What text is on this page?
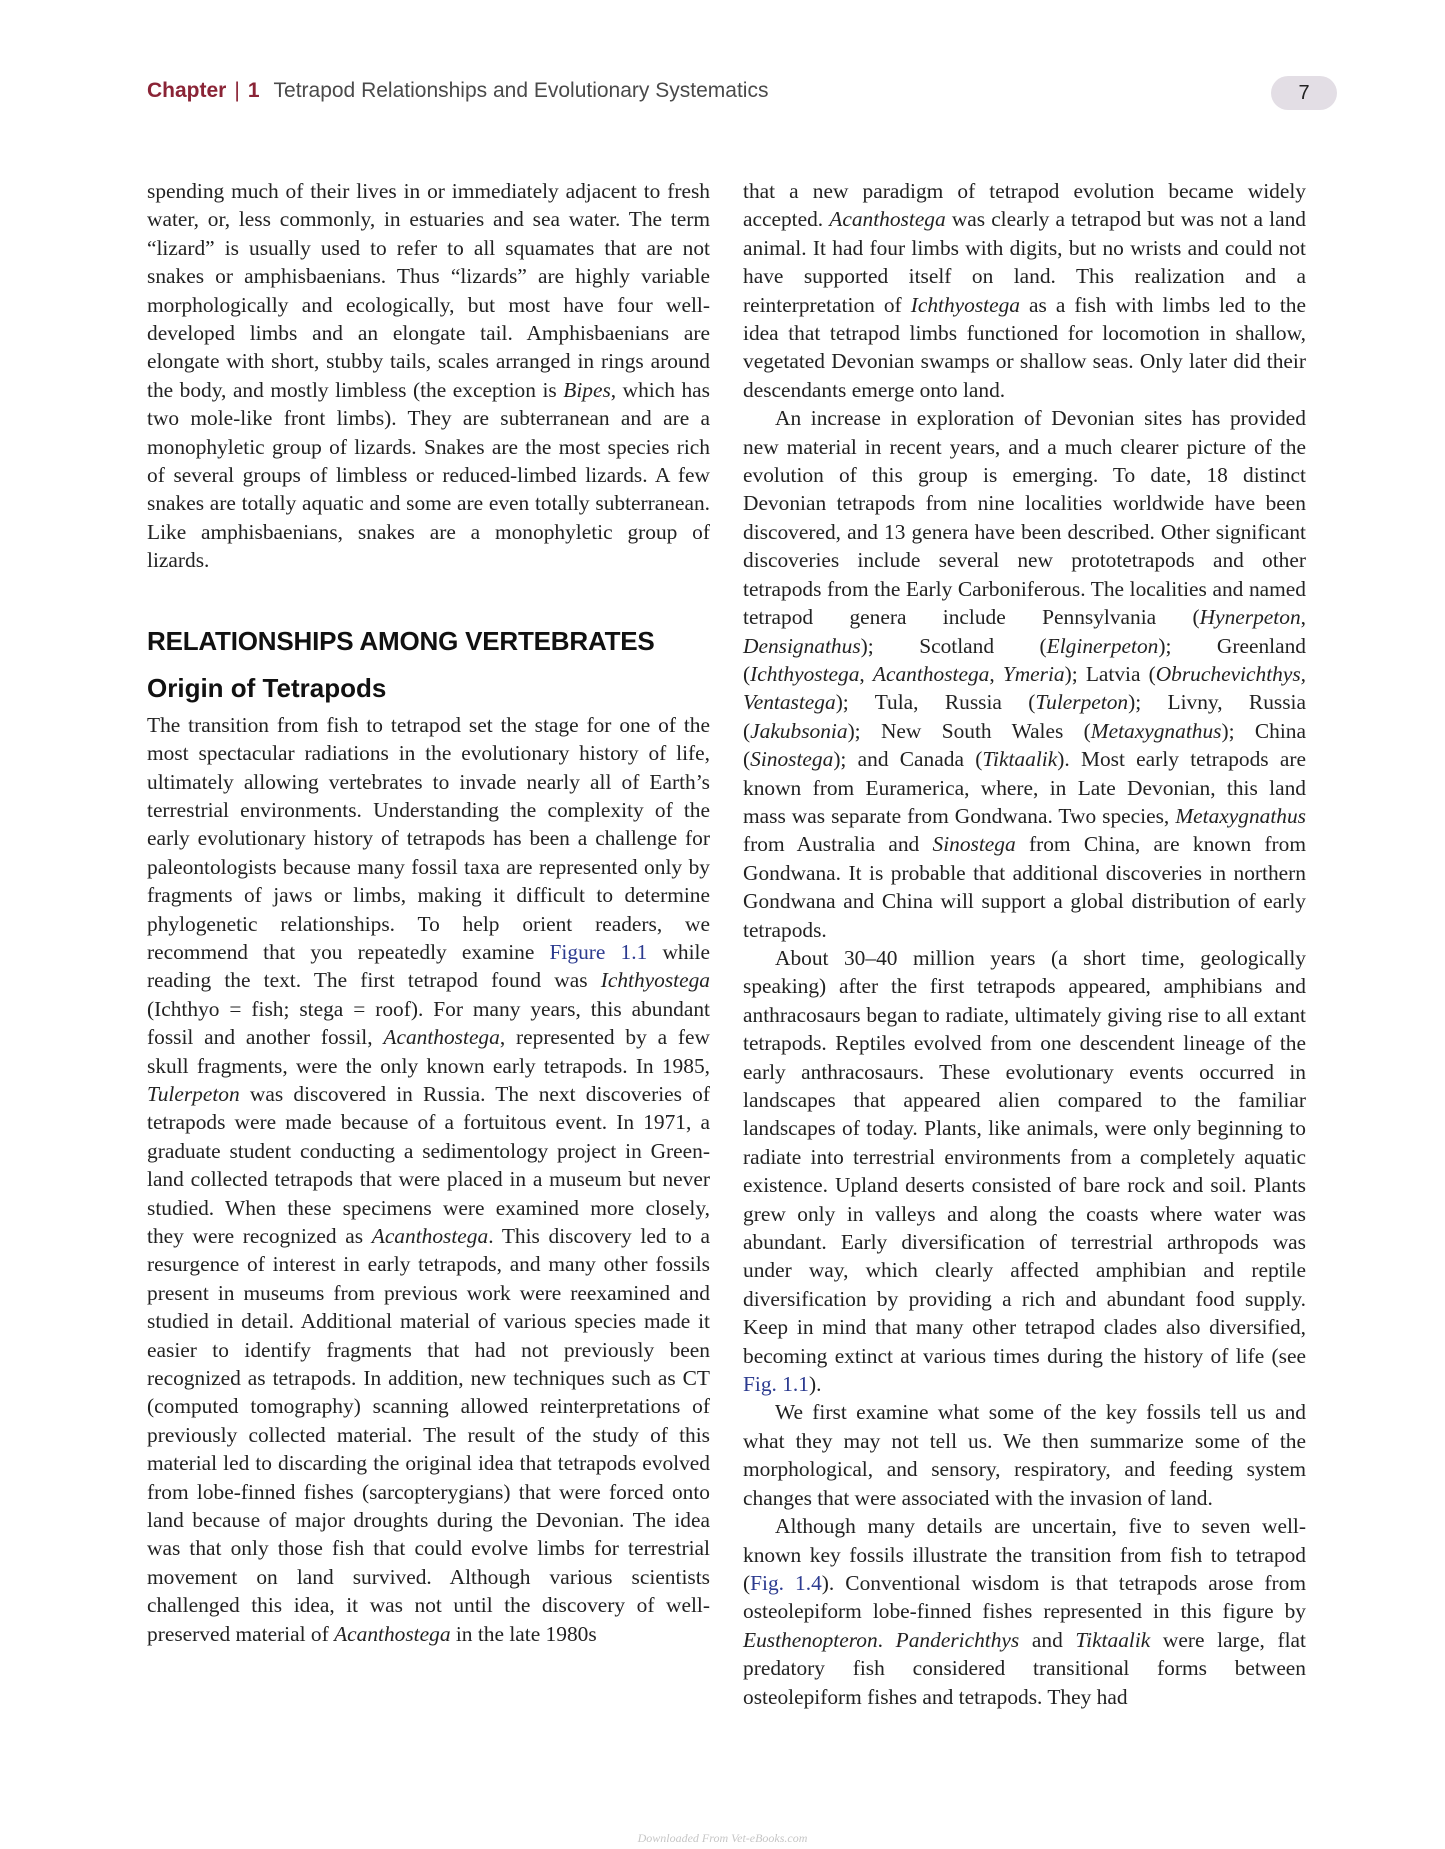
Chapter | 1 Tetrapod Relationships and Evolutionary Systematics	7

spending much of their lives in or immediately adjacent to fresh water, or, less commonly, in estuaries and sea water. The term “lizard” is usually used to refer to all squamates that are not snakes or amphisbaenians. Thus “lizards” are highly variable morphologically and ecologically, but most have four well-developed limbs and an elongate tail. Amphisbaenians are elongate with short, stubby tails, scales arranged in rings around the body, and mostly limbless (the exception is Bipes, which has two mole-like front limbs). They are subterranean and are a monophyletic group of lizards. Snakes are the most species rich of several groups of limbless or reduced-limbed lizards. A few snakes are totally aquatic and some are even totally subterranean. Like amphisbaenians, snakes are a monophyletic group of lizards.

RELATIONSHIPS AMONG VERTEBRATES
Origin of Tetrapods

The transition from fish to tetrapod set the stage for one of the most spectacular radiations in the evolutionary history of life, ultimately allowing vertebrates to invade nearly all of Earth’s terrestrial environments. Understanding the complexity of the early evolutionary history of tetrapods has been a challenge for paleontologists because many fossil taxa are represented only by fragments of jaws or limbs, making it difficult to determine phylogenetic relationships. To help orient readers, we recommend that you repeatedly examine Figure 1.1 while reading the text. The first tetrapod found was Ichthyostega (Ichthyo = fish; stega = roof). For many years, this abundant fossil and another fossil, Acanthostega, represented by a few skull fragments, were the only known early tetrapods. In 1985, Tulerpeton was discovered in Russia. The next discoveries of tetrapods were made because of a fortuitous event. In 1971, a graduate student conducting a sedimentology project in Greenland collected tetrapods that were placed in a museum but never studied. When these specimens were examined more closely, they were recognized as Acanthostega. This discovery led to a resurgence of interest in early tetrapods, and many other fossils present in museums from previous work were reexamined and studied in detail. Additional material of various species made it easier to identify fragments that had not previously been recognized as tetrapods. In addition, new techniques such as CT (computed tomography) scanning allowed reinterpretations of previously collected material. The result of the study of this material led to discarding the original idea that tetrapods evolved from lobe-finned fishes (sarcopterygians) that were forced onto land because of major droughts during the Devonian. The idea was that only those fish that could evolve limbs for terrestrial movement on land survived. Although various scientists challenged this idea, it was not until the discovery of well-preserved material of Acanthostega in the late 1980s

that a new paradigm of tetrapod evolution became widely accepted. Acanthostega was clearly a tetrapod but was not a land animal. It had four limbs with digits, but no wrists and could not have supported itself on land. This realization and a reinterpretation of Ichthyostega as a fish with limbs led to the idea that tetrapod limbs functioned for locomotion in shallow, vegetated Devonian swamps or shallow seas. Only later did their descendants emerge onto land.

An increase in exploration of Devonian sites has provided new material in recent years, and a much clearer picture of the evolution of this group is emerging. To date, 18 distinct Devonian tetrapods from nine localities worldwide have been discovered, and 13 genera have been described. Other significant discoveries include several new prototetrapods and other tetrapods from the Early Carboniferous. The localities and named tetrapod genera include Pennsylvania (Hynerpeton, Densignathus); Scotland (Elginerpeton); Greenland (Ichthyostega, Acanthostega, Ymeria); Latvia (Obruchevichthys, Ventastega); Tula, Russia (Tulerpeton); Livny, Russia (Jakubsonia); New South Wales (Metaxygnathus); China (Sinostega); and Canada (Tiktaalik). Most early tetrapods are known from Euramerica, where, in Late Devonian, this land mass was separate from Gondwana. Two species, Metaxygnathus from Australia and Sinostega from China, are known from Gondwana. It is probable that additional discoveries in northern Gondwana and China will support a global distribution of early tetrapods.

About 30–40 million years (a short time, geologically speaking) after the first tetrapods appeared, amphibians and anthracosaurs began to radiate, ultimately giving rise to all extant tetrapods. Reptiles evolved from one descendent lineage of the early anthracosaurs. These evolutionary events occurred in landscapes that appeared alien compared to the familiar landscapes of today. Plants, like animals, were only beginning to radiate into terrestrial environments from a completely aquatic existence. Upland deserts consisted of bare rock and soil. Plants grew only in valleys and along the coasts where water was abundant. Early diversification of terrestrial arthropods was under way, which clearly affected amphibian and reptile diversification by providing a rich and abundant food supply. Keep in mind that many other tetrapod clades also diversified, becoming extinct at various times during the history of life (see Fig. 1.1).

We first examine what some of the key fossils tell us and what they may not tell us. We then summarize some of the morphological, and sensory, respiratory, and feeding system changes that were associated with the invasion of land.

Although many details are uncertain, five to seven well-known key fossils illustrate the transition from fish to tetrapod (Fig. 1.4). Conventional wisdom is that tetrapods arose from osteolepiform lobe-finned fishes represented in this figure by Eusthenopteron. Panderichthys and Tiktaalik were large, flat predatory fish considered transitional forms between osteolepiform fishes and tetrapods. They had

Downloaded From Vet-eBooks.com
